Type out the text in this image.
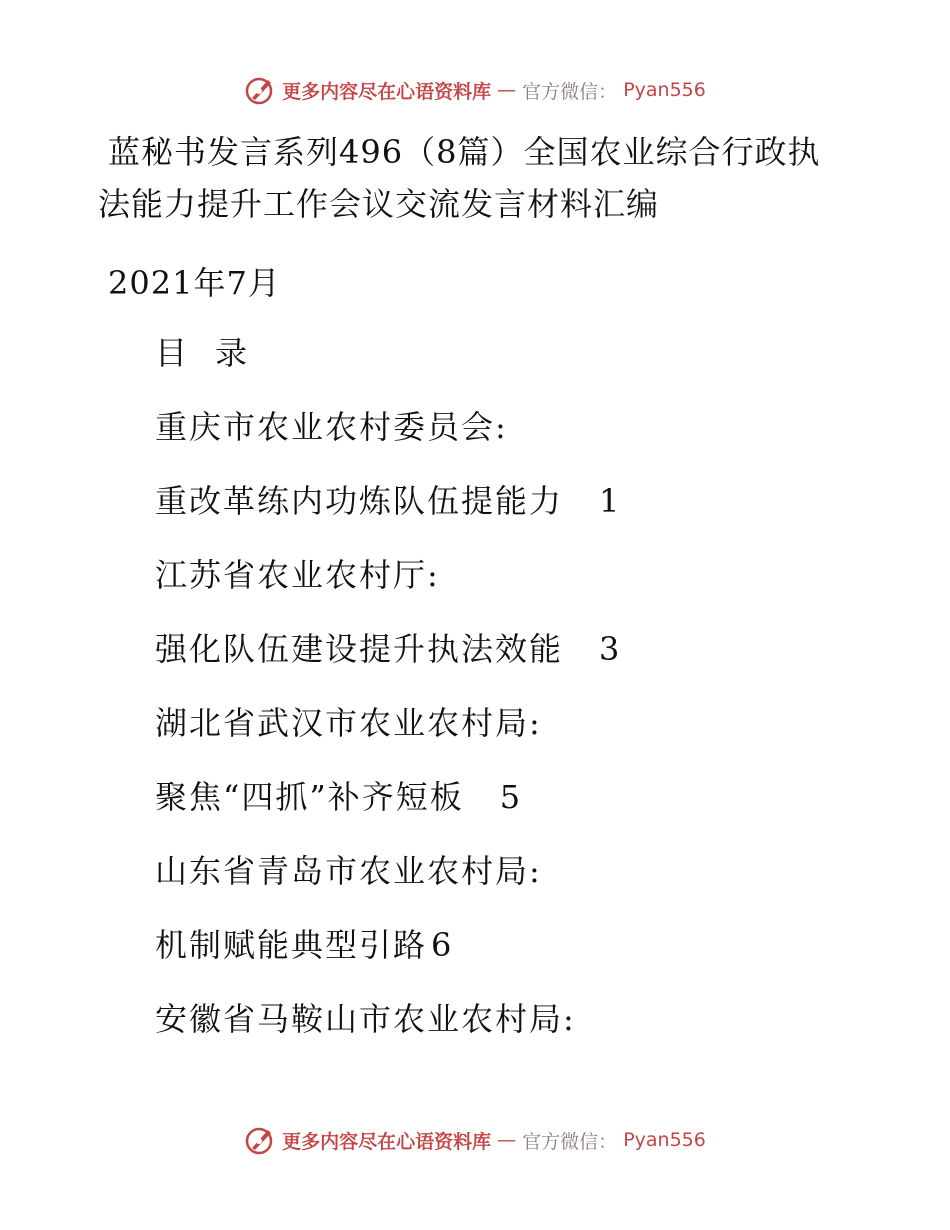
更多内容尽在心语资料库 — 官方微信： Pyan556
蓝秘书发言系列496（8篇）全国农业综合行政执
法能力提升工作会议交流发言材料汇编
2021年7月
目 录
重庆市农业农村委员会:
重改革练内功炼队伍提能力 1
江苏省农业农村厅:
强化队伍建设提升执法效能 3
湖北省武汉市农业农村局:
聚焦“四抓”补齐短板 5
山东省青岛市农业农村局:
机制赋能典型引路 6
安徽省马鞍山市农业农村局:
更多内容尽在心语资料库 — 官方微信： Pyan556
